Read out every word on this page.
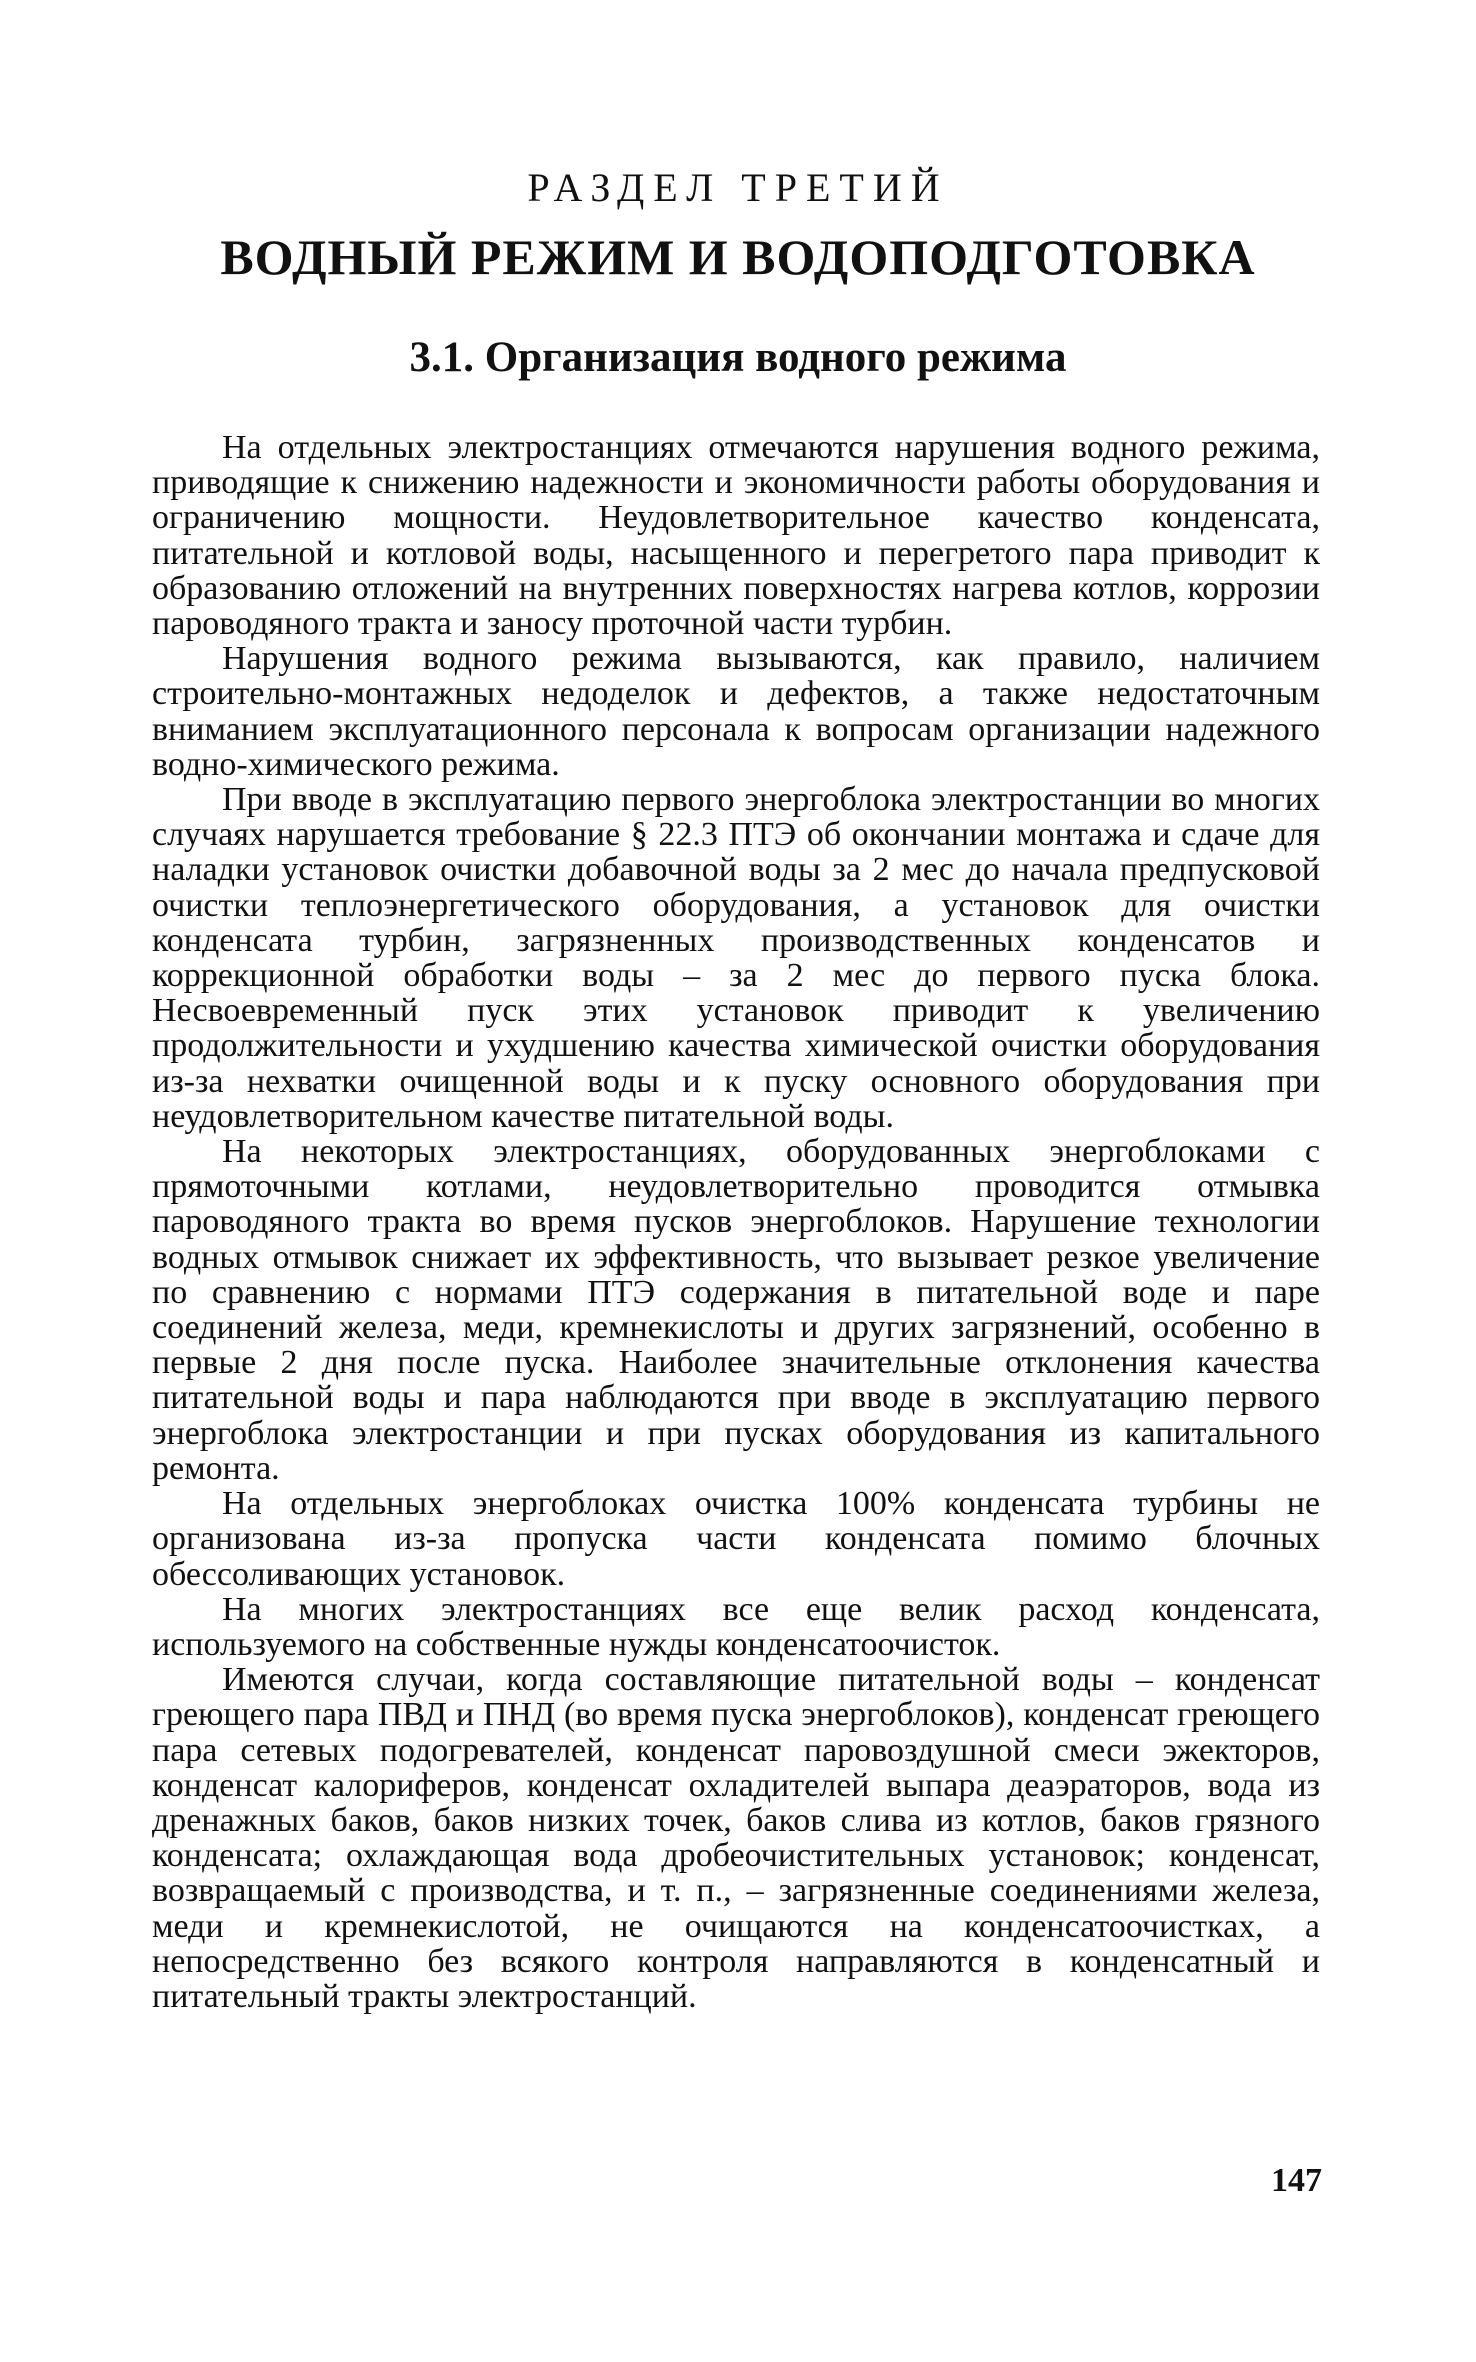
РАЗДЕЛ ТРЕТИЙ
ВОДНЫЙ РЕЖИМ И ВОДОПОДГОТОВКА
3.1. Организация водного режима

На отдельных электростанциях отмечаются нарушения водного режима, приводящие к снижению надежности и экономичности работы оборудования и ограничению мощности. Неудовлетворительное качество конденсата, питательной и котловой воды, насыщенного и перегретого пара приводит к образованию отложений на внутренних поверхностях нагрева котлов, коррозии пароводяного тракта и заносу проточной части турбин.

Нарушения водного режима вызываются, как правило, наличием строительно-монтажных недоделок и дефектов, а также недостаточным вниманием эксплуатационного персонала к вопросам организации надежного водно-химического режима.

При вводе в эксплуатацию первого энергоблока электростанции во многих случаях нарушается требование § 22.3 ПТЭ об окончании монтажа и сдаче для наладки установок очистки добавочной воды за 2 мес до начала предпусковой очистки теплоэнергетического оборудования, а установок для очистки конденсата турбин, загрязненных производственных конденсатов и коррекционной обработки воды – за 2 мес до первого пуска блока. Несвоевременный пуск этих установок приводит к увеличению продолжительности и ухудшению качества химической очистки оборудования из-за нехватки очищенной воды и к пуску основного оборудования при неудовлетворительном качестве питательной воды.

На некоторых электростанциях, оборудованных энергоблоками с прямоточными котлами, неудовлетворительно проводится отмывка пароводяного тракта во время пусков энергоблоков. Нарушение технологии водных отмывок снижает их эффективность, что вызывает резкое увеличение по сравнению с нормами ПТЭ содержания в питательной воде и паре соединений железа, меди, кремнекислоты и других загрязнений, особенно в первые 2 дня после пуска. Наиболее значительные отклонения качества питательной воды и пара наблюдаются при вводе в эксплуатацию первого энергоблока электростанции и при пусках оборудования из капитального ремонта.

На отдельных энергоблоках очистка 100% конденсата турбины не организована из-за пропуска части конденсата помимо блочных обессоливающих установок.

На многих электростанциях все еще велик расход конденсата, используемого на собственные нужды конденсатоочисток.

Имеются случаи, когда составляющие питательной воды – конденсат греющего пара ПВД и ПНД (во время пуска энергоблоков), конденсат греющего пара сетевых подогревателей, конденсат паровоздушной смеси эжекторов, конденсат калориферов, конденсат охладителей выпара деаэраторов, вода из дренажных баков, баков низких точек, баков слива из котлов, баков грязного конденсата; охлаждающая вода дробеочистительных установок; конденсат, возвращаемый с производства, и т. п., – загрязненные соединениями железа, меди и кремнекислотой, не очищаются на конденсатоочистках, а непосредственно без всякого контроля направляются в конденсатный и питательный тракты электростанций.

147
